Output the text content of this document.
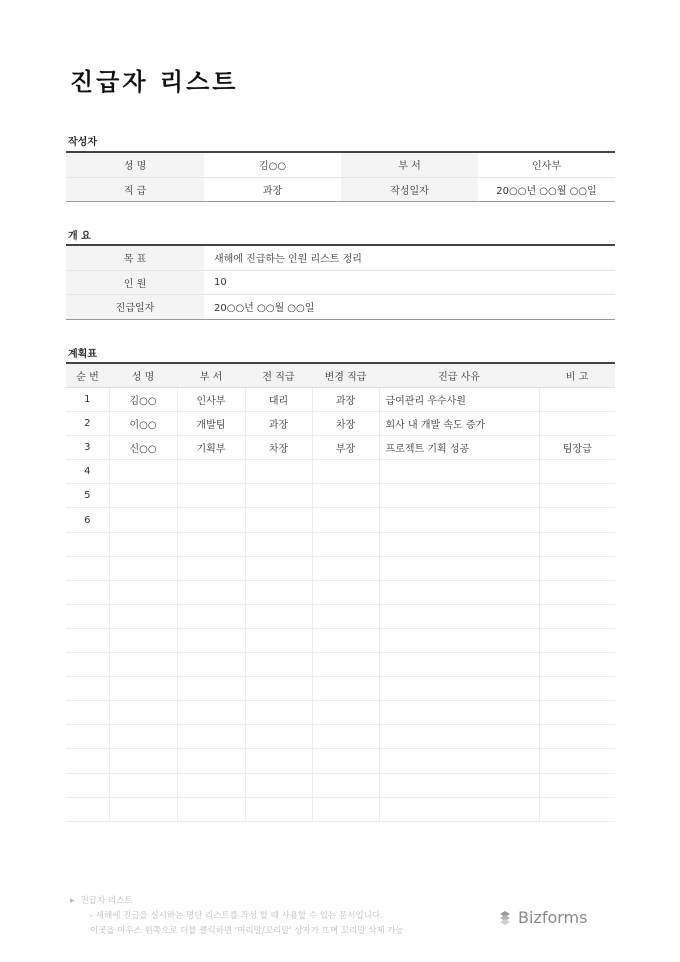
진급자 리스트
작성자
성 명	김○○	부 서	인사부
직 급	과장	작성일자	20○○년 ○○월 ○○일
개 요
목 표	새해에 진급하는 인원 리스트 정리
인 원	10
진급일자	20○○년 ○○월 ○○일
계획표
순 번	성 명	부 서	전 직급	변경 직급	진급 사유	비 고
1	김○○	인사부	대리	과장	급여관리 우수사원	
2	이○○	개발팀	과장	차장	회사 내 개발 속도 증가	
3	신○○	기획부	차장	부장	프로젝트 기획 성공	팀장급
4						
5						
6						

▶ 진급자 리스트
- 새해에 진급을 실시하는 명단 리스트를 작성 할 때 사용할 수 있는 문서입니다.
이곳을 마우스 왼쪽으로 더블 클릭하면 '머리말/꼬리말' 상자가 뜨며 꼬리말 삭제 가능
Bizforms
